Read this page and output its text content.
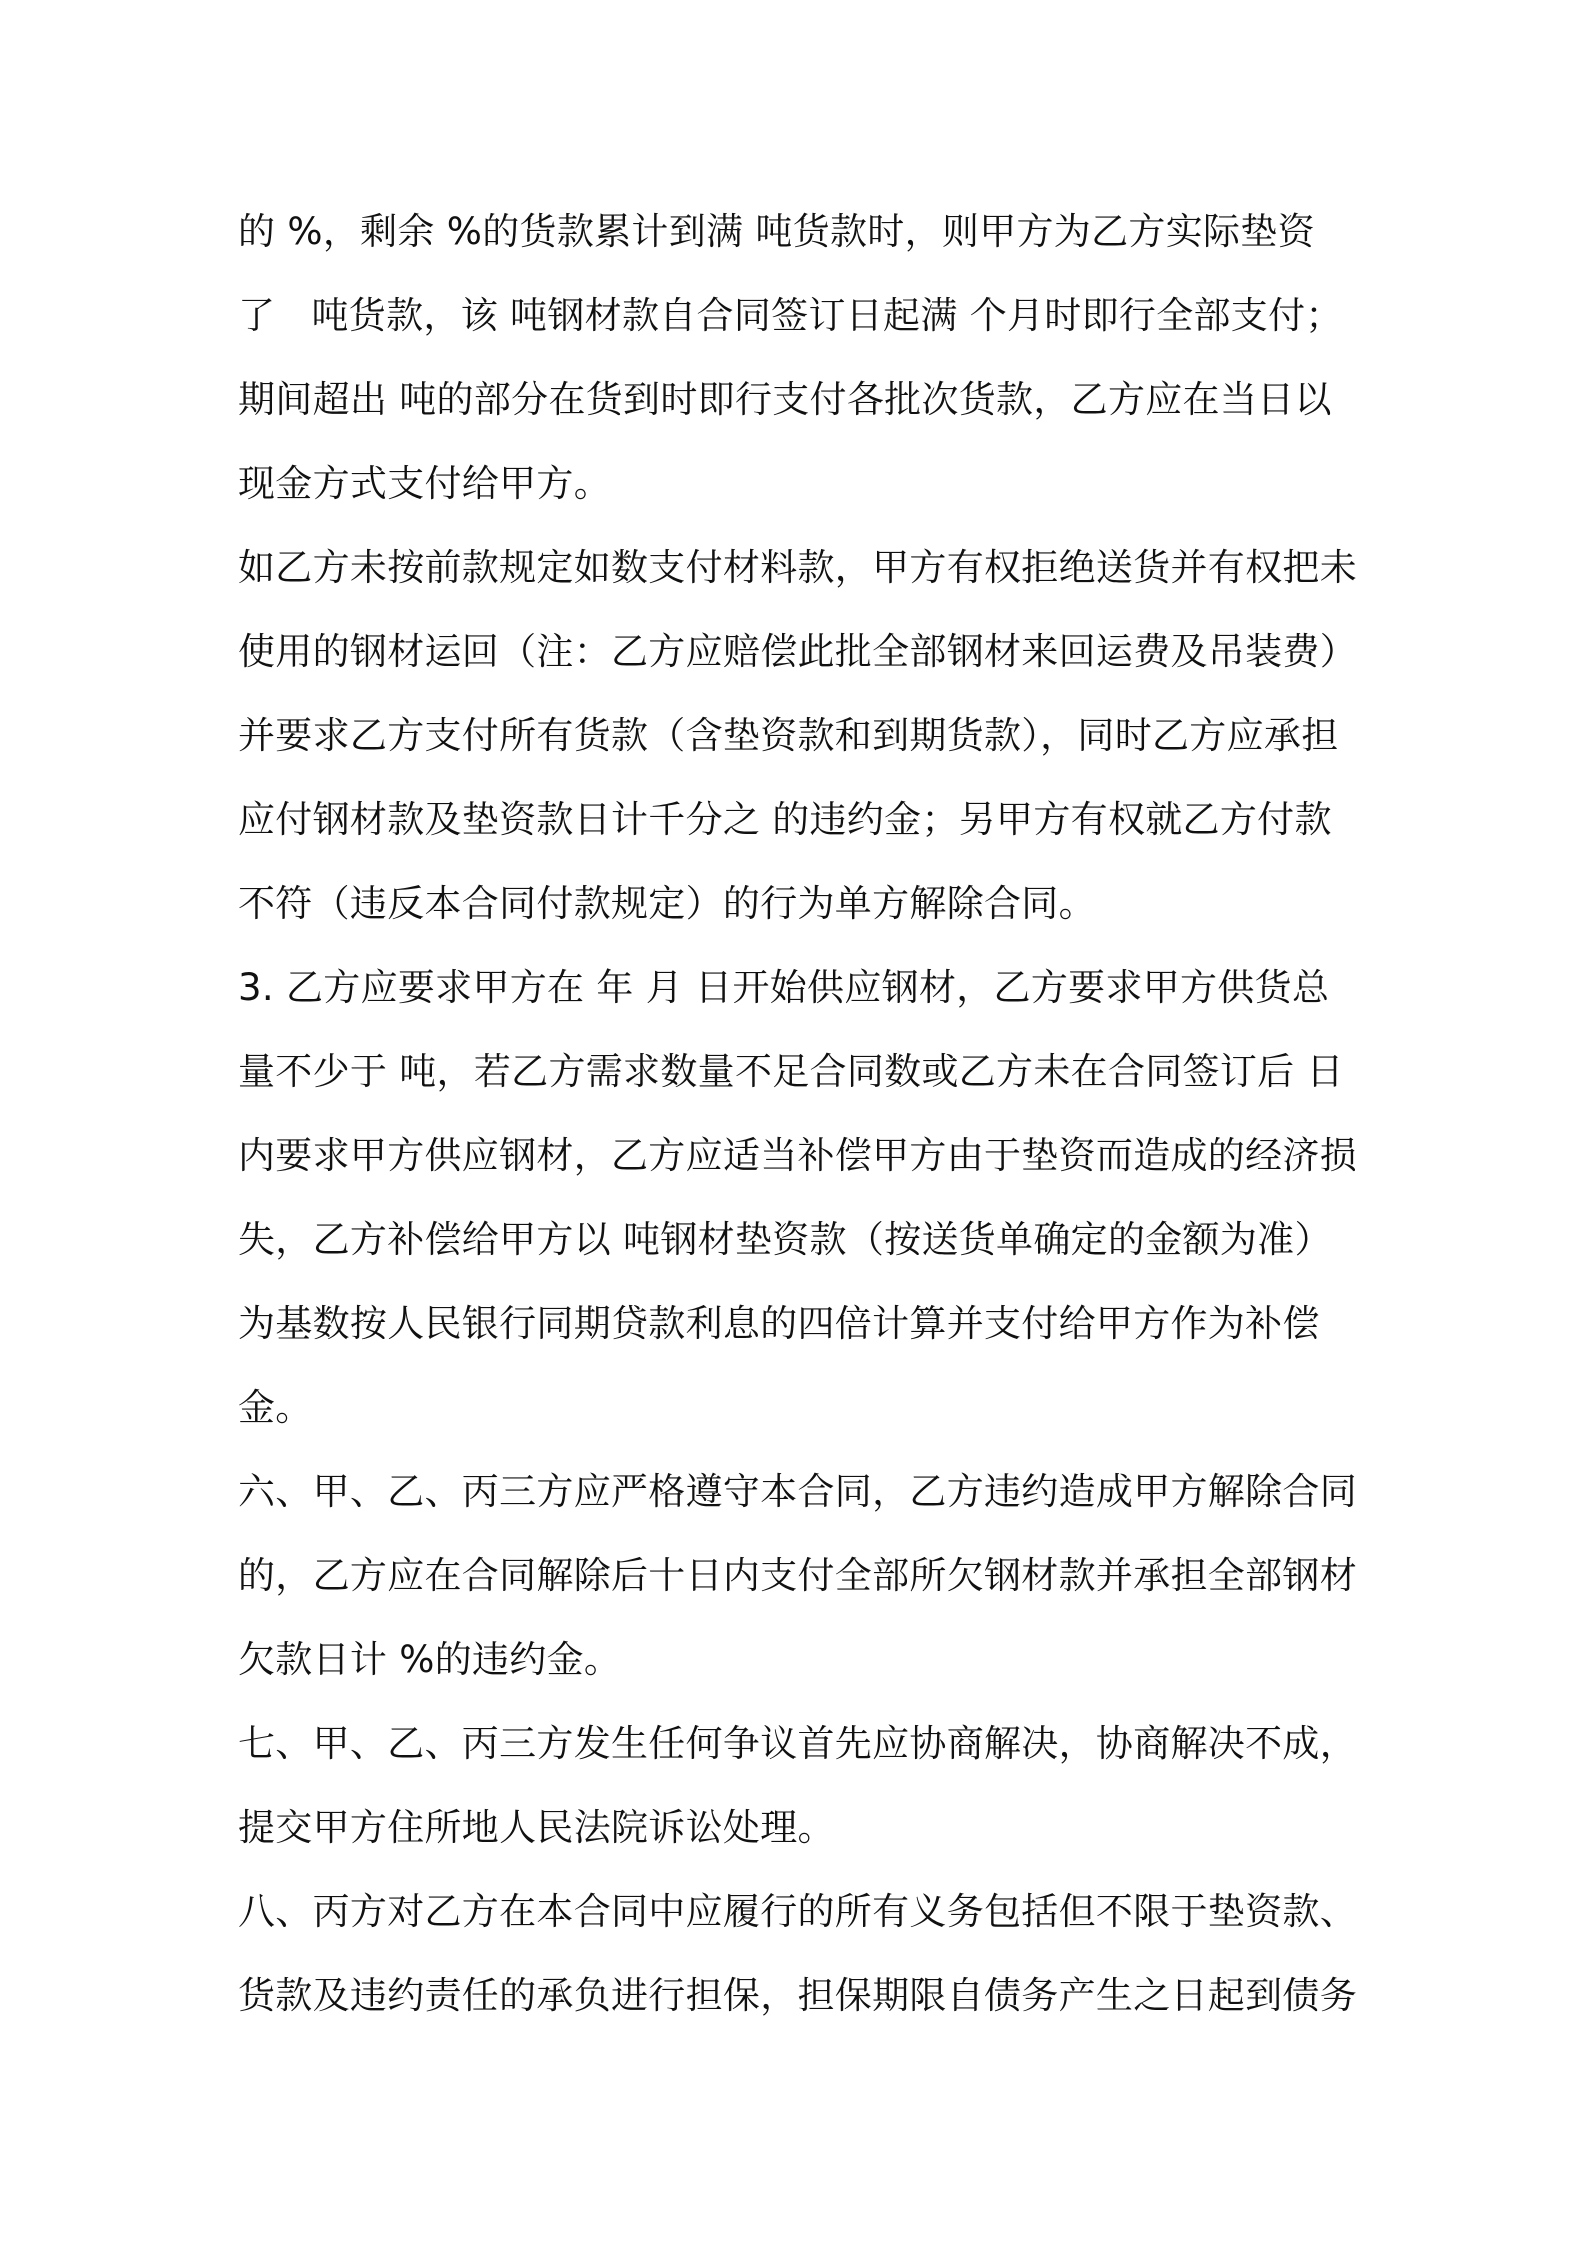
的 %，剩余 %的货款累计到满 吨货款时，则甲方为乙方实际垫资
了   吨货款，该 吨钢材款自合同签订日起满 个月时即行全部支付；
期间超出 吨的部分在货到时即行支付各批次货款，乙方应在当日以
现金方式支付给甲方。
如乙方未按前款规定如数支付材料款，甲方有权拒绝送货并有权把未
使用的钢材运回（注：乙方应赔偿此批全部钢材来回运费及吊装费）
并要求乙方支付所有货款（含垫资款和到期货款），同时乙方应承担
应付钢材款及垫资款日计千分之 的违约金；另甲方有权就乙方付款
不符（违反本合同付款规定）的行为单方解除合同。
3. 乙方应要求甲方在 年 月 日开始供应钢材，乙方要求甲方供货总
量不少于 吨，若乙方需求数量不足合同数或乙方未在合同签订后 日
内要求甲方供应钢材，乙方应适当补偿甲方由于垫资而造成的经济损
失，乙方补偿给甲方以 吨钢材垫资款（按送货单确定的金额为准）
为基数按人民银行同期贷款利息的四倍计算并支付给甲方作为补偿
金。
六、甲、乙、丙三方应严格遵守本合同，乙方违约造成甲方解除合同
的，乙方应在合同解除后十日内支付全部所欠钢材款并承担全部钢材
欠款日计 %的违约金。
七、甲、乙、丙三方发生任何争议首先应协商解决，协商解决不成，
提交甲方住所地人民法院诉讼处理。
八、丙方对乙方在本合同中应履行的所有义务包括但不限于垫资款、
货款及违约责任的承负进行担保，担保期限自债务产生之日起到债务
